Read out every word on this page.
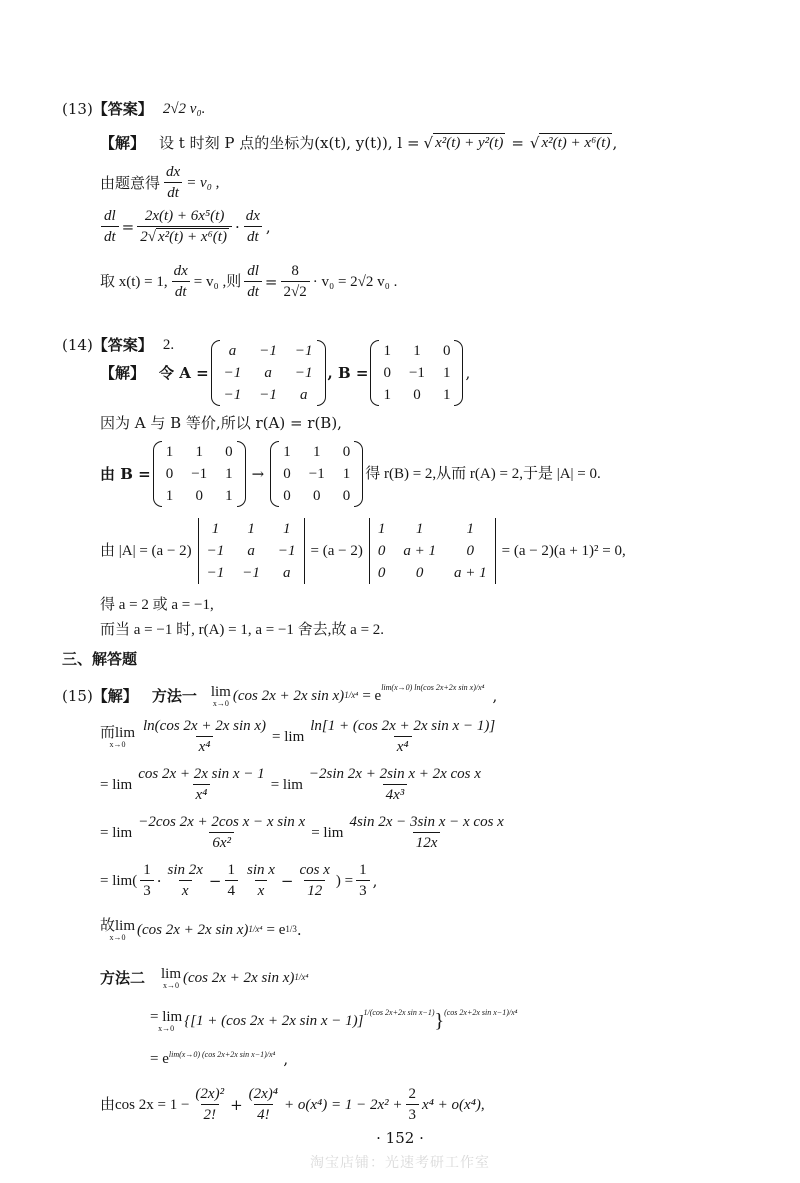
(13) 【答案】 2√2 v₀.
【解】 设 t 时刻 P 点的坐标为(x(t), y(t)), l = √ x²(t) + y²(t) = √ x²(t) + x⁶(t) ,
由题意得 $\frac{dx}{dt} = v_0$ ,
$\frac{dl}{dt} = \frac{\text{2x(t) + 6x⁵(t)}}{\text{2√ x²(t) + x⁶(t)}} \cdot \frac{dx}{dt}$ ,
取 x(t) = 1, $\frac{dx}{dt} = v_0$ ,则 $\frac{dl}{dt} = \frac{8}{2√2} \cdot v_0 = 2√2$ v₀ .
(14) 【答案】 2.
【解】 令 A =
a	−1 −1
−1	a	−1
−1 −1	a
, B =
1 1 0
0 −1 1
1 0 1
,
因为 A 与 B 等价,所以 r(A) = r(B),
由 B =
1 1 0
0 −1 1
1 0 1
→
1 1 0
0 −1 1
0 0 0
得 r(B) = 2,从而 r(A) = 2,于是 |A| = 0.
由 |A| = (a − 2)
1	1	1
−1	a	−1
−1 −1	a
= (a − 2)
1	1	1
0 a + 1	0
0	0	a + 1
= (a − 2)(a + 1)² = 0,
得 a = 2 或 a = −1,
而当 a = −1 时, r(A) = 1, a = −1 舍去,故 a = 2.
三、解答题
(15) 【解】 方法一 lim
x→0 (cos 2x + 2x sin x) 1/x⁴ = e
lim(x→0) ln(cos 2x+2x sin x)/x⁴ ,
而lim
$x\to 0 \frac{\text{ln(cos 2x + 2x sin x)}}{\text{x⁴}} = \lim \frac{\text{ln[1 + (cos 2x + 2x sin x − 1)]}}{\text{x⁴}}$
= $\lim \frac{\text{cos 2x + 2x sin x − 1}}{\text{x⁴}} = \lim \frac{\text{−2sin 2x + 2sin x + 2x cos x}}{\text{4x³}}$
= $\lim \frac{\text{−2cos 2x + 2cos x − x sin x}}{\text{6x²}} = \lim \frac{\text{4sin 2x − 3sin x − x cos x}}{12x}$
= $\lim( \frac{1}{3} \cdot \frac{\sin 2x}{x} - \frac{1}{4} \frac{\text{sin x}}{x} - \frac{\text{cos x}}{12}$ ) = $\frac{1}{3}$ ,
故lim
x→0 (cos 2x + 2x sin x) 1/x⁴ = e 1/3 .
方法二 lim
x→0 (cos 2x + 2x sin x) 1/x⁴
= lim
x→0 {[1 + (cos 2x + 2x sin x − 1)]
1/(cos 2x+2x sin x−1) } (cos 2x+2x sin x−1)/x⁴
= e lim(x→0) (cos 2x+2x sin x−1)/x⁴ ,
由$\cos 2x = 1 - \frac{\text{(2x)²}}{2!} + \frac{\text{(2x)⁴}}{4!} + o(x^4) = 1 - 2x^2 + \frac{2}{3} x^4 + o(x^4)$,
· 152 ·
淘宝店铺：光速考研工作室
